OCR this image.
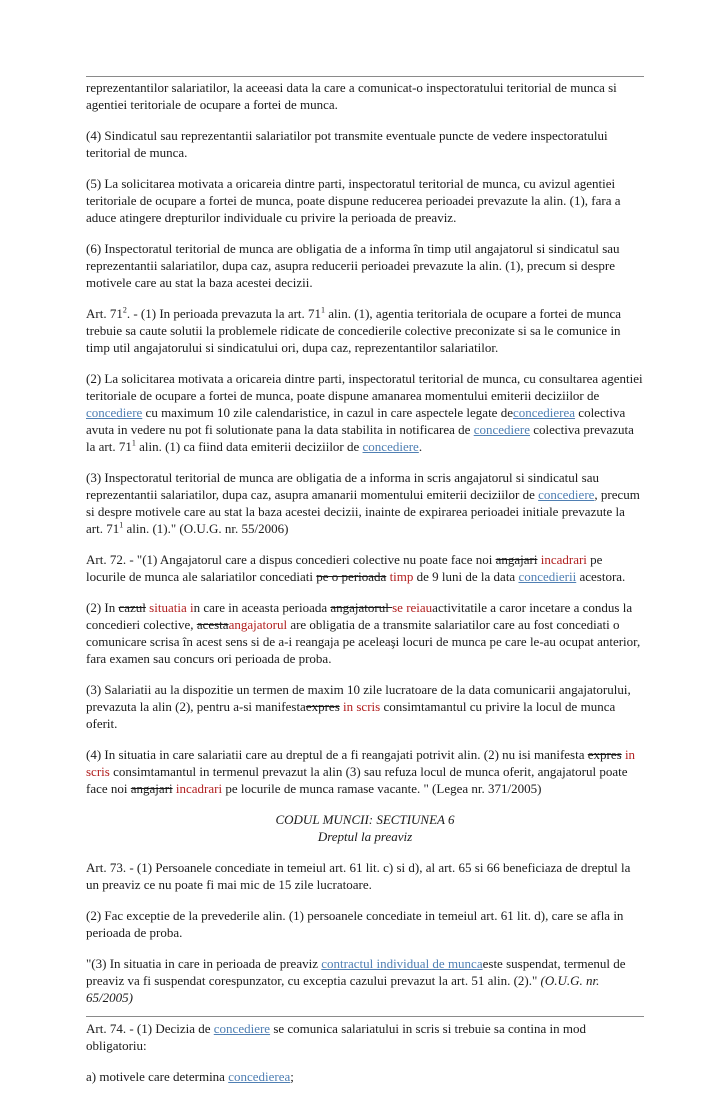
reprezentantilor salariatilor, la aceeasi data la care a comunicat-o inspectoratului teritorial de munca si agentiei teritoriale de ocupare a fortei de munca.

(4) Sindicatul sau reprezentantii salariatilor pot transmite eventuale puncte de vedere inspectoratului teritorial de munca.

(5) La solicitarea motivata a oricareia dintre parti, inspectoratul teritorial de munca, cu avizul agentiei teritoriale de ocupare a fortei de munca, poate dispune reducerea perioadei prevazute la alin. (1), fara a aduce atingere drepturilor individuale cu privire la perioada de preaviz.

(6) Inspectoratul teritorial de munca are obligatia de a informa în timp util angajatorul si sindicatul sau reprezentantii salariatilor, dupa caz, asupra reducerii perioadei prevazute la alin. (1), precum si despre motivele care au stat la baza acestei decizii.

Art. $71^2$. - (1) In perioada prevazuta la art. $71^1$ alin. (1), agentia teritoriala de ocupare a fortei de munca trebuie sa caute solutii la problemele ridicate de concedierile colective preconizate si sa le comunice in timp util angajatorului si sindicatului ori, dupa caz, reprezentantilor salariatilor.

(2) La solicitarea motivata a oricareia dintre parti, inspectoratul teritorial de munca, cu consultarea agentiei teritoriale de ocupare a fortei de munca, poate dispune amanarea momentului emiterii deciziilor de concediere cu maximum 10 zile calendaristice, in cazul in care aspectele legate deconcedierea colectiva avuta in vedere nu pot fi solutionate pana la data stabilita in notificarea de concediere colectiva prevazuta la art. $71^1$ alin. (1) ca fiind data emiterii deciziilor de concediere.

(3) Inspectoratul teritorial de munca are obligatia de a informa in scris angajatorul si sindicatul sau reprezentantii salariatilor, dupa caz, asupra amanarii momentului emiterii deciziilor de concediere, precum si despre motivele care au stat la baza acestei decizii, inainte de expirarea perioadei initiale prevazute la art. $71^1$ alin. (1)." (O.U.G. nr. 55/2006)

Art. 72. - "(1) Angajatorul care a dispus concedieri colective nu poate face noi angajari incadrari pe locurile de munca ale salariatilor concediati pe o perioada timp de 9 luni de la data concedierii acestora.

(2) In cazul situatia in care in aceasta perioada angajatorul se reiauactivitatile a caror incetare a condus la concedieri colective, acestaangajatorul are obligatia de a transmite salariatilor care au fost concediati o comunicare scrisa în acest sens si de a-i reangaja pe aceleaşi locuri de munca pe care le-au ocupat anterior, fara examen sau concurs ori perioada de proba.

(3) Salariatii au la dispozitie un termen de maxim 10 zile lucratoare de la data comunicarii angajatorului, prevazuta la alin (2), pentru a-si manifestaexpres in scris consimtamantul cu privire la locul de munca oferit.

(4) In situatia in care salariatii care au dreptul de a fi reangajati potrivit alin. (2) nu isi manifesta expres in scris consimtamantul in termenul prevazut la alin (3) sau refuza locul de munca oferit, angajatorul poate face noi angajari incadrari pe locurile de munca ramase vacante. " (Legea nr. 371/2005)

CODUL MUNCII: SECTIUNEA 6

Dreptul la preaviz

Art. 73. - (1) Persoanele concediate in temeiul art. 61 lit. c) si d), al art. 65 si 66 beneficiaza de dreptul la un preaviz ce nu poate fi mai mic de 15 zile lucratoare.

(2) Fac exceptie de la prevederile alin. (1) persoanele concediate in temeiul art. 61 lit. d), care se afla in perioada de proba.

"(3) In situatia in care in perioada de preaviz contractul individual de muncaeste suspendat, termenul de preaviz va fi suspendat corespunzator, cu exceptia cazului prevazut la art. 51 alin. (2)." (O.U.G. nr. 65/2005)

Art. 74. - (1) Decizia de concediere se comunica salariatului in scris si trebuie sa contina in mod obligatoriu:

a) motivele care determina concedierea;
